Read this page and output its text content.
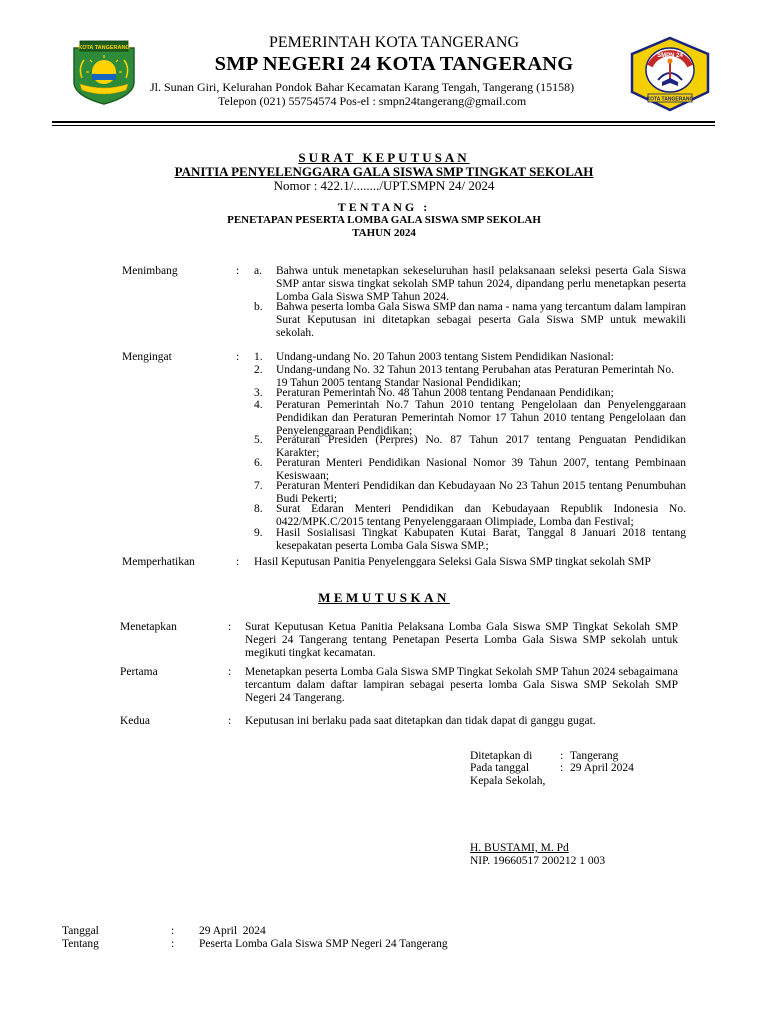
KOTA TANGERANG
SMPN 24
KOTA TANGERANG
PEMERINTAH KOTA TANGERANG
SMP NEGERI 24 KOTA TANGERANG
Jl. Sunan Giri, Kelurahan Pondok Bahar Kecamatan Karang Tengah, Tangerang (15158)
Telepon (021) 55754574 Pos-el : smpn24tangerang@gmail.com
SURAT KEPUTUSAN
PANITIA PENYELENGGARA GALA SISWA SMP TINGKAT SEKOLAH
Nomor : 422.1/......../UPT.SMPN 24/ 2024
TENTANG :
PENETAPAN PESERTA LOMBA GALA SISWA SMP SEKOLAH
TAHUN 2024
Menimbang	: a. Bahwa untuk menetapkan sekeseluruhan hasil pelaksanaan seleksi peserta Gala Siswa SMP antar siswa tingkat sekolah SMP tahun 2024, dipandang perlu menetapkan peserta Lomba Gala Siswa SMP Tahun 2024.
b. Bahwa peserta lomba Gala Siswa SMP dan nama - nama yang tercantum dalam lampiran Surat Keputusan ini ditetapkan sebagai peserta Gala Siswa SMP untuk mewakili sekolah.
Mengingat	: 1. Undang-undang No. 20 Tahun 2003 tentang Sistem Pendidikan Nasional:
2. Undang-undang No. 32 Tahun 2013 tentang Perubahan atas Peraturan Pemerintah No. 19 Tahun 2005 tentang Standar Nasional Pendidikan;
3. Peraturan Pemerintah No. 48 Tahun 2008 tentang Pendanaan Pendidikan;
4. Peraturan Pemerintah No.7 Tahun 2010 tentang Pengelolaan dan Penyelenggaraan Pendidikan dan Peraturan Pemerintah Nomor 17 Tahun 2010 tentang Pengelolaan dan Penyelenggaraan Pendidikan;
5. Peraturan Presiden (Perpres) No. 87 Tahun 2017 tentang Penguatan Pendidikan Karakter;
6. Peraturan Menteri Pendidikan Nasional Nomor 39 Tahun 2007, tentang Pembinaan Kesiswaan;
7. Peraturan Menteri Pendidikan dan Kebudayaan No 23 Tahun 2015 tentang Penumbuhan Budi Pekerti;
8. Surat Edaran Menteri Pendidikan dan Kebudayaan Republik Indonesia No. 0422/MPK.C/2015 tentang Penyelenggaraan Olimpiade, Lomba dan Festival;
9. Hasil Sosialisasi Tingkat Kabupaten Kutai Barat, Tanggal 8 Januari 2018 tentang kesepakatan peserta Lomba Gala Siswa SMP.;
Memperhatikan	: Hasil Keputusan Panitia Penyelenggara Seleksi Gala Siswa SMP tingkat sekolah SMP
MEMUTUSKAN
Menetapkan	: Surat Keputusan Ketua Panitia Pelaksana Lomba Gala Siswa SMP Tingkat Sekolah SMP Negeri 24 Tangerang tentang Penetapan Peserta Lomba Gala Siswa SMP sekolah untuk megikuti tingkat kecamatan.
Pertama	: Menetapkan peserta Lomba Gala Siswa SMP Tingkat Sekolah SMP Tahun 2024 sebagaimana tercantum dalam daftar lampiran sebagai peserta lomba Gala Siswa SMP Sekolah SMP Negeri 24 Tangerang.
Kedua	: Keputusan ini berlaku pada saat ditetapkan dan tidak dapat di ganggu gugat.
Ditetapkan di : Tangerang
Pada tanggal	: 29 April 2024
Kepala Sekolah,
H. BUSTAMI, M. Pd
NIP. 19660517 200212 1 003
Tanggal	: 29 April  2024
Tentang	: Peserta Lomba Gala Siswa SMP Negeri 24 Tangerang
